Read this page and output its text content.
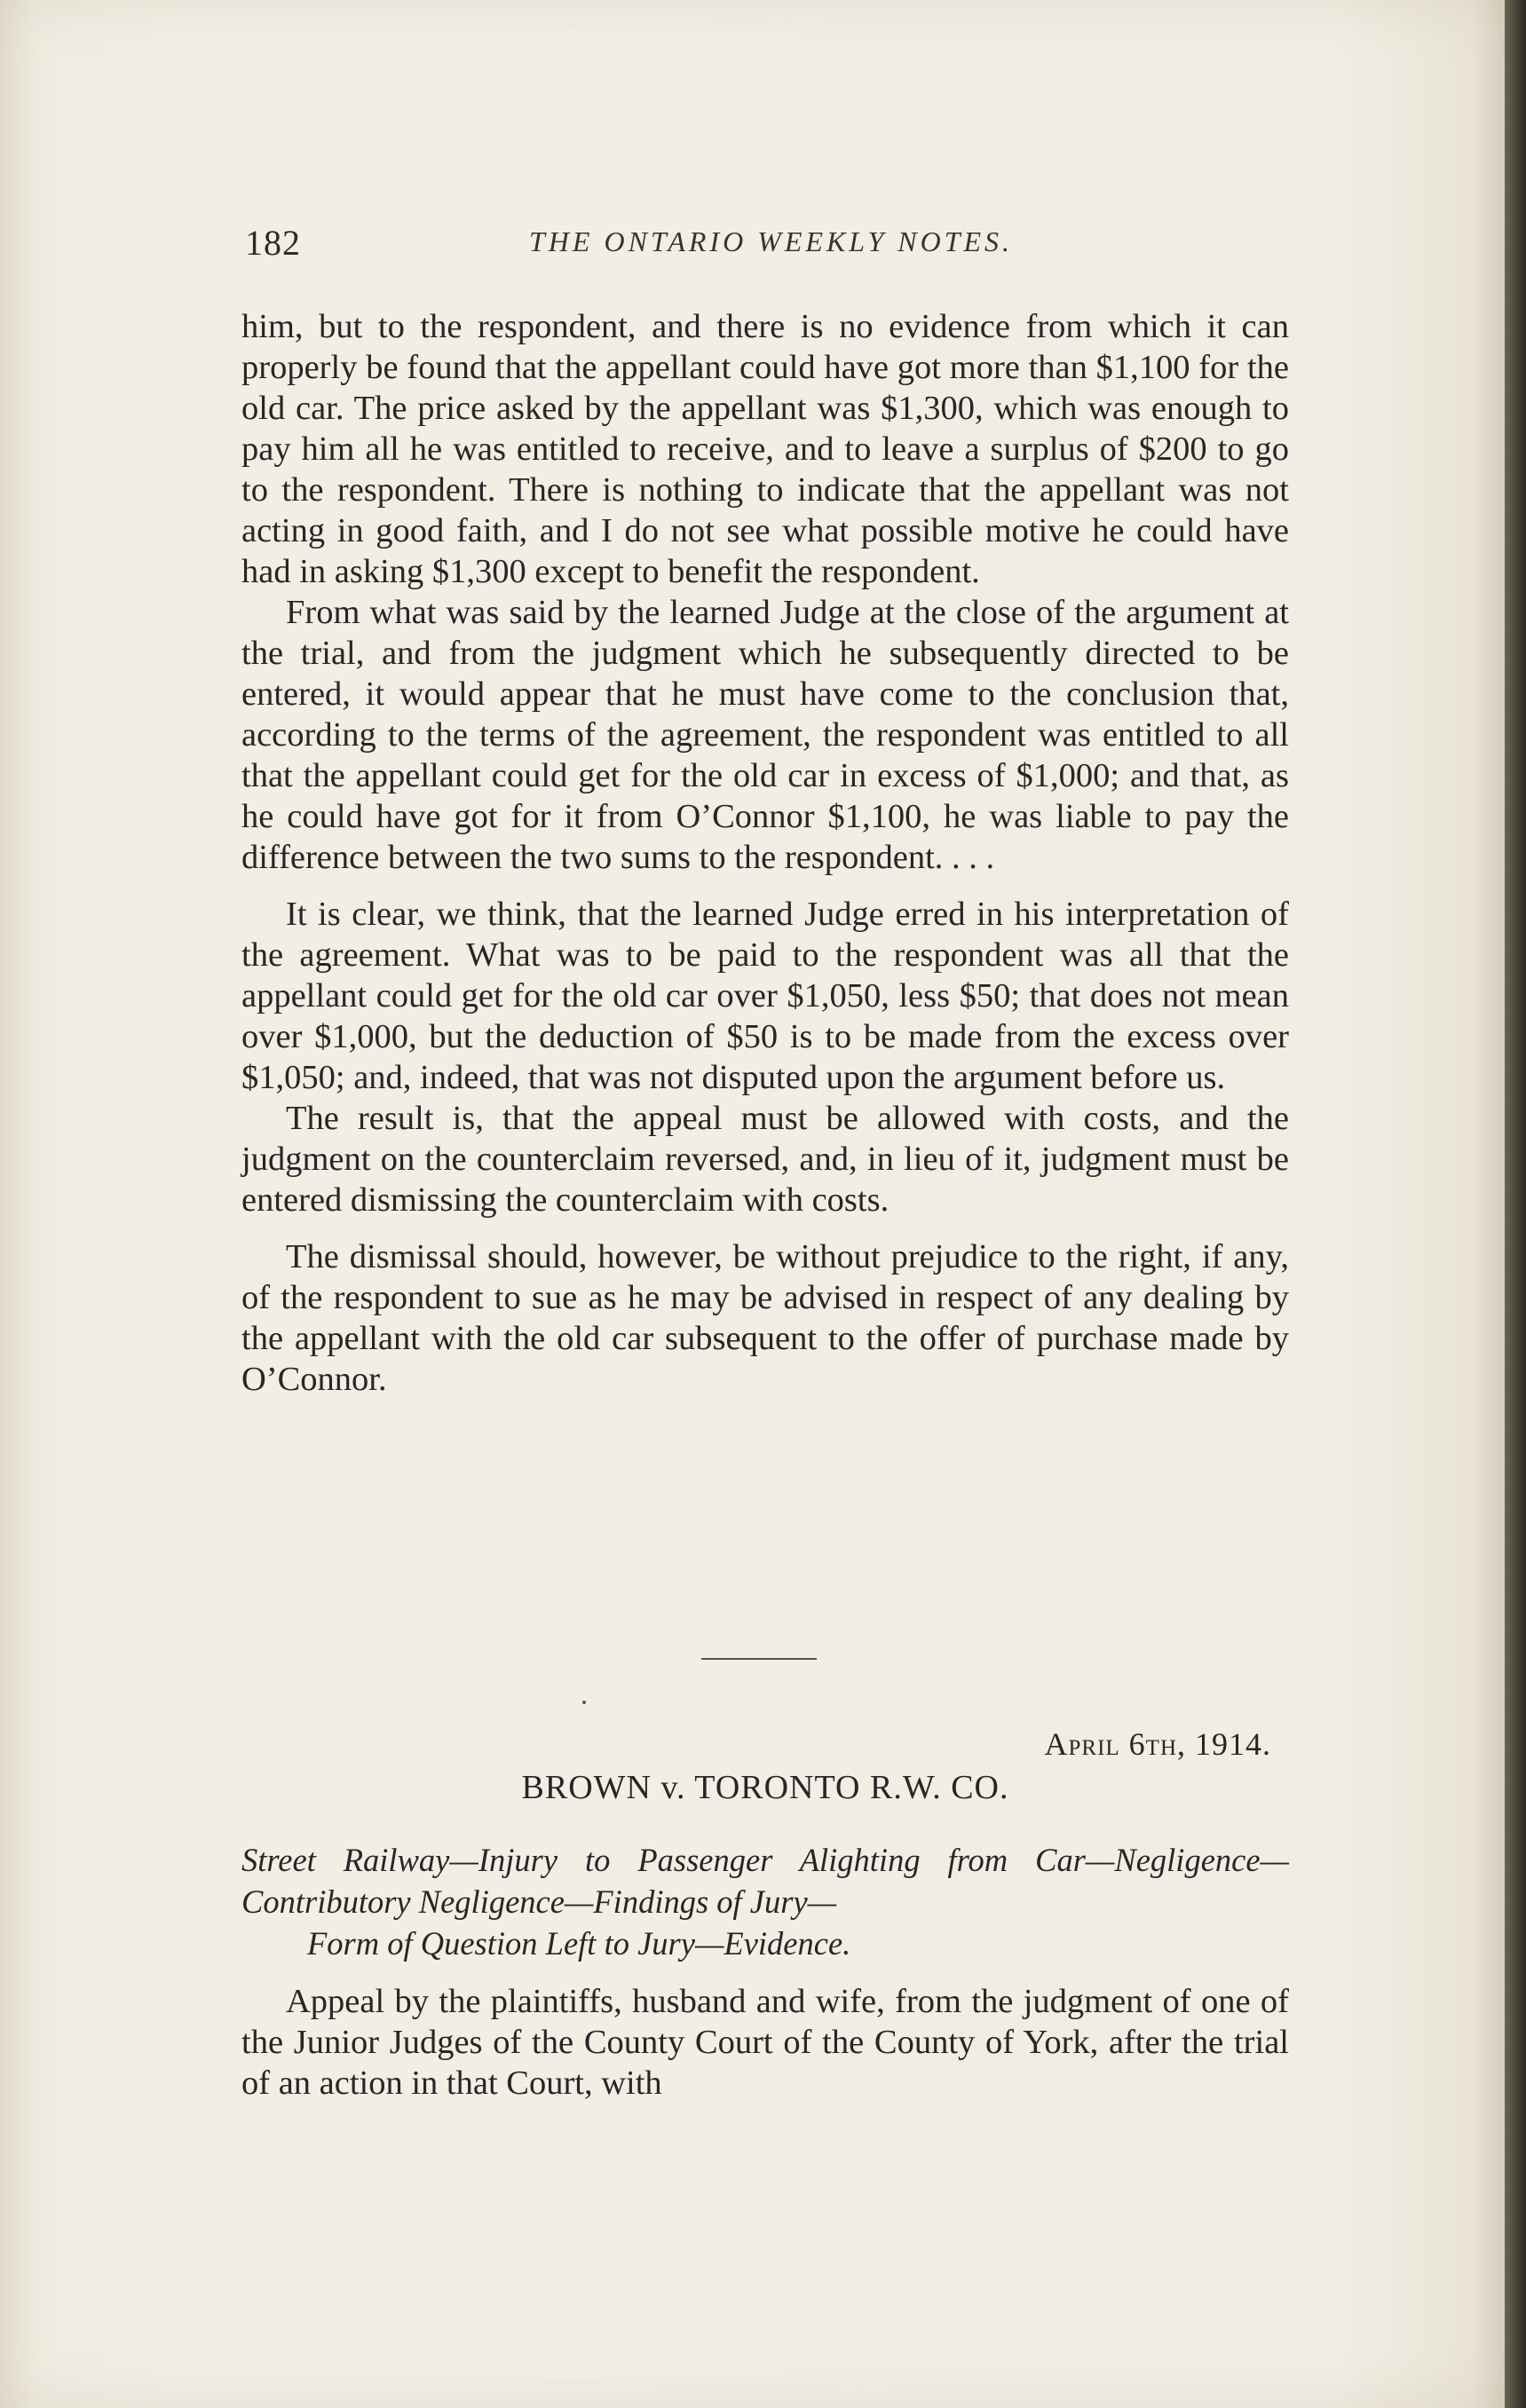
182	THE ONTARIO WEEKLY NOTES.

him, but to the respondent, and there is no evidence from which it can properly be found that the appellant could have got more than $1,100 for the old car. The price asked by the appellant was $1,300, which was enough to pay him all he was entitled to receive, and to leave a surplus of $200 to go to the respondent. There is nothing to indicate that the appellant was not acting in good faith, and I do not see what possible motive he could have had in asking $1,300 except to benefit the respondent.

From what was said by the learned Judge at the close of the argument at the trial, and from the judgment which he subsequently directed to be entered, it would appear that he must have come to the conclusion that, according to the terms of the agreement, the respondent was entitled to all that the appellant could get for the old car in excess of $1,000; and that, as he could have got for it from O’Connor $1,100, he was liable to pay the difference between the two sums to the respondent. . . .

It is clear, we think, that the learned Judge erred in his interpretation of the agreement. What was to be paid to the respondent was all that the appellant could get for the old car over $1,050, less $50; that does not mean over $1,000, but the deduction of $50 is to be made from the excess over $1,050; and, indeed, that was not disputed upon the argument before us.

The result is, that the appeal must be allowed with costs, and the judgment on the counterclaim reversed, and, in lieu of it, judgment must be entered dismissing the counterclaim with costs.

The dismissal should, however, be without prejudice to the right, if any, of the respondent to sue as he may be advised in respect of any dealing by the appellant with the old car subsequent to the offer of purchase made by O’Connor.

April 6th, 1914.
BROWN v. TORONTO R.W. CO.
Street Railway—Injury to Passenger Alighting from Car—Negligence—Contributory Negligence—Findings of Jury—
Form of Question Left to Jury—Evidence.
Appeal by the plaintiffs, husband and wife, from the judgment of one of the Junior Judges of the County Court of the County of York, after the trial of an action in that Court, with
